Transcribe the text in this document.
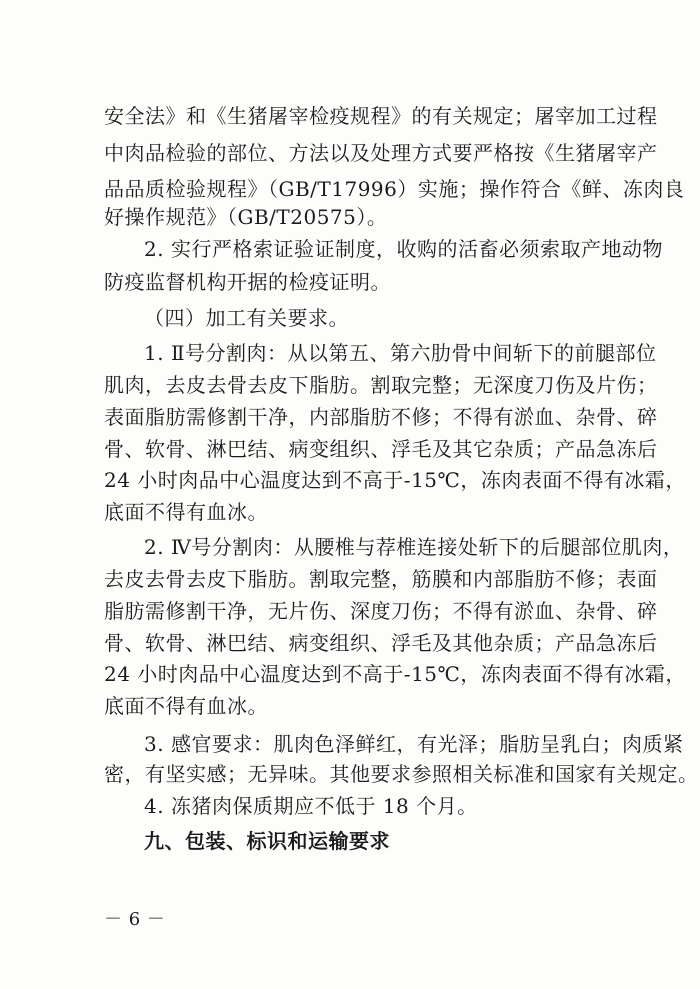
安全法》和《生猪屠宰检疫规程》的有关规定；屠宰加工过程
中肉品检验的部位、方法以及处理方式要严格按《生猪屠宰产
品品质检验规程》（GB/T17996）实施；操作符合《鲜、冻肉良
好操作规范》（GB/T20575）。
2. 实行严格索证验证制度，收购的活畜必须索取产地动物
防疫监督机构开据的检疫证明。
（四）加工有关要求。
1. Ⅱ号分割肉：从以第五、第六肋骨中间斩下的前腿部位
肌肉，去皮去骨去皮下脂肪。割取完整；无深度刀伤及片伤；
表面脂肪需修割干净，内部脂肪不修；不得有淤血、杂骨、碎
骨、软骨、淋巴结、病变组织、浮毛及其它杂质；产品急冻后
24 小时肉品中心温度达到不高于-15℃，冻肉表面不得有冰霜，
底面不得有血冰。
2. Ⅳ号分割肉：从腰椎与荐椎连接处斩下的后腿部位肌肉，
去皮去骨去皮下脂肪。割取完整，筋膜和内部脂肪不修；表面
脂肪需修割干净，无片伤、深度刀伤；不得有淤血、杂骨、碎
骨、软骨、淋巴结、病变组织、浮毛及其他杂质；产品急冻后
24 小时肉品中心温度达到不高于-15℃，冻肉表面不得有冰霜，
底面不得有血冰。
3. 感官要求：肌肉色泽鲜红，有光泽；脂肪呈乳白；肉质紧
密，有坚实感；无异味。其他要求参照相关标准和国家有关规定。
4. 冻猪肉保质期应不低于 18 个月。
九、包装、标识和运输要求
－ 6 －
